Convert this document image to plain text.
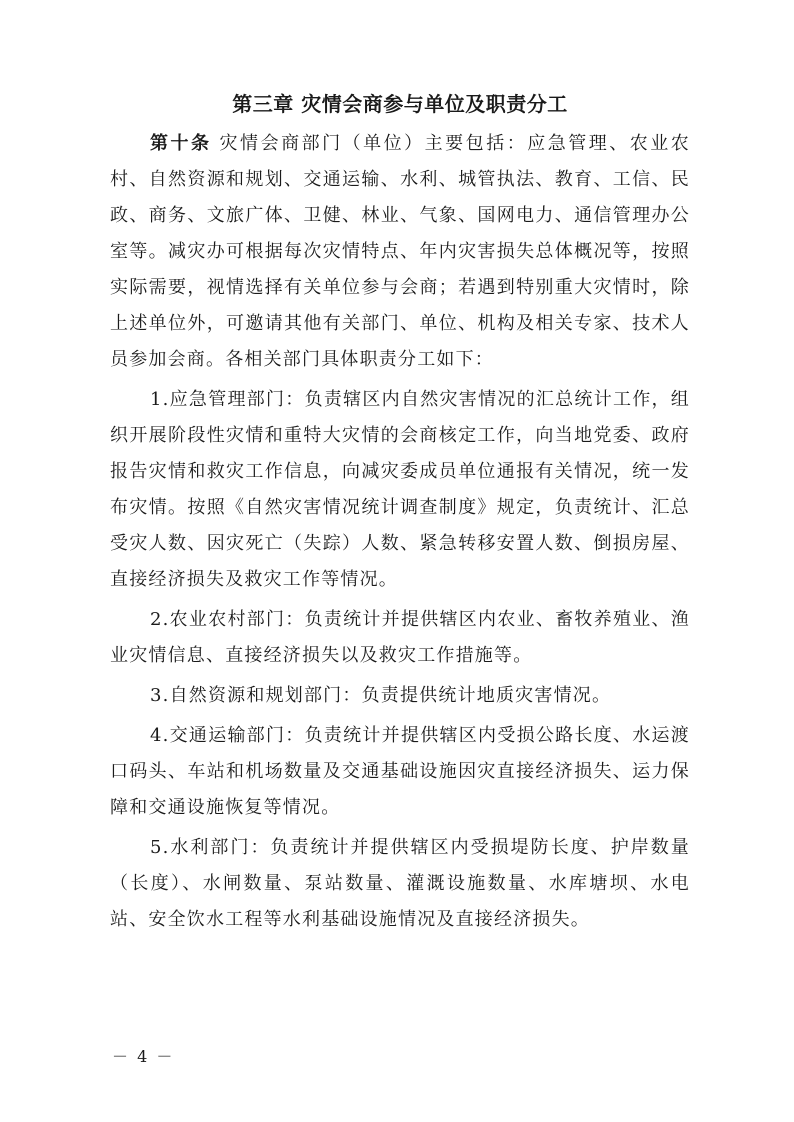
第三章 灾情会商参与单位及职责分工

第十条 灾情会商部门（单位）主要包括：应急管理、农业农村、自然资源和规划、交通运输、水利、城管执法、教育、工信、民政、商务、文旅广体、卫健、林业、气象、国网电力、通信管理办公室等。减灾办可根据每次灾情特点、年内灾害损失总体概况等，按照实际需要，视情选择有关单位参与会商；若遇到特别重大灾情时，除上述单位外，可邀请其他有关部门、单位、机构及相关专家、技术人员参加会商。各相关部门具体职责分工如下：

1.应急管理部门：负责辖区内自然灾害情况的汇总统计工作，组织开展阶段性灾情和重特大灾情的会商核定工作，向当地党委、政府报告灾情和救灾工作信息，向减灾委成员单位通报有关情况，统一发布灾情。按照《自然灾害情况统计调查制度》规定，负责统计、汇总受灾人数、因灾死亡（失踪）人数、紧急转移安置人数、倒损房屋、直接经济损失及救灾工作等情况。

2.农业农村部门：负责统计并提供辖区内农业、畜牧养殖业、渔业灾情信息、直接经济损失以及救灾工作措施等。

3.自然资源和规划部门：负责提供统计地质灾害情况。

4.交通运输部门：负责统计并提供辖区内受损公路长度、水运渡口码头、车站和机场数量及交通基础设施因灾直接经济损失、运力保障和交通设施恢复等情况。

5.水利部门：负责统计并提供辖区内受损堤防长度、护岸数量（长度）、水闸数量、泵站数量、灌溉设施数量、水库塘坝、水电站、安全饮水工程等水利基础设施情况及直接经济损失。

－ 4 －
